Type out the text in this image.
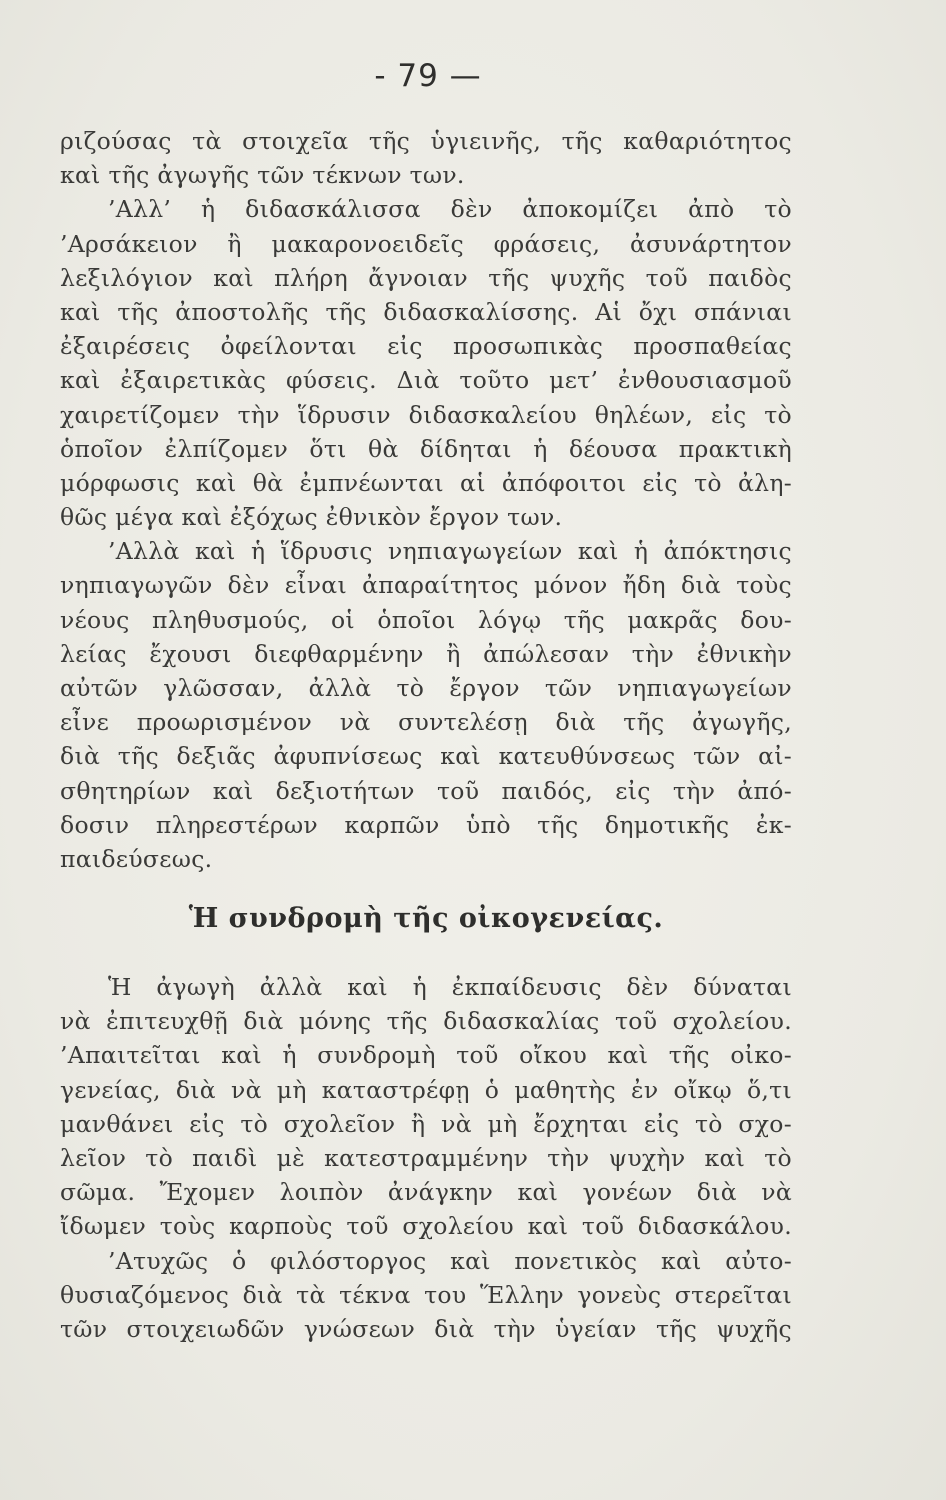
- 79 —
ριζούσας τὰ στοιχεῖα τῆς ὑγιεινῆς, τῆς καθαριότητος
καὶ τῆς ἀγωγῆς τῶν τέκνων των.
’Αλλ’ ἡ διδασκάλισσα δὲν ἀποκομίζει ἀπὸ τὸ
’Αρσάκειον ἢ μακαρονοειδεῖς φράσεις, ἀσυνάρτητον
λεξιλόγιον καὶ πλήρη ἄγνοιαν τῆς ψυχῆς τοῦ παιδὸς
καὶ τῆς ἀποστολῆς τῆς διδασκαλίσσης. Αἱ ὄχι σπάνιαι
ἐξαιρέσεις ὀφείλονται εἰς προσωπικὰς προσπαθείας
καὶ ἐξαιρετικὰς φύσεις. Διὰ τοῦτο μετ’ ἐνθουσιασμοῦ
χαιρετίζομεν τὴν ἵδρυσιν διδασκαλείου θηλέων, εἰς τὸ
ὁποῖον ἐλπίζομεν ὅτι θὰ δίδηται ἡ δέουσα πρακτικὴ
μόρφωσις καὶ θὰ ἐμπνέωνται αἱ ἀπόφοιτοι εἰς τὸ ἀλη-
θῶς μέγα καὶ ἐξόχως ἐθνικὸν ἔργον των.
’Αλλὰ καὶ ἡ ἵδρυσις νηπιαγωγείων καὶ ἡ ἀπόκτησις
νηπιαγωγῶν δὲν εἶναι ἀπαραίτητος μόνον ἤδη διὰ τοὺς
νέους πληθυσμούς, οἱ ὁποῖοι λόγῳ τῆς μακρᾶς δου-
λείας ἔχουσι διεφθαρμένην ἢ ἀπώλεσαν τὴν ἐθνικὴν
αὐτῶν γλῶσσαν, ἀλλὰ τὸ ἔργον τῶν νηπιαγωγείων
εἶνε προωρισμένον νὰ συντελέσῃ διὰ τῆς ἀγωγῆς,
διὰ τῆς δεξιᾶς ἀφυπνίσεως καὶ κατευθύνσεως τῶν αἰ-
σθητηρίων καὶ δεξιοτήτων τοῦ παιδός, εἰς τὴν ἀπό-
δοσιν πληρεστέρων καρπῶν ὑπὸ τῆς δημοτικῆς ἐκ-
παιδεύσεως.
Ἡ συνδρομὴ τῆς οἰκογενείας.
Ἡ ἀγωγὴ ἀλλὰ καὶ ἡ ἐκπαίδευσις δὲν δύναται
νὰ ἐπιτευχθῇ διὰ μόνης τῆς διδασκαλίας τοῦ σχολείου.
’Απαιτεῖται καὶ ἡ συνδρομὴ τοῦ οἴκου καὶ τῆς οἰκο-
γενείας, διὰ νὰ μὴ καταστρέφῃ ὁ μαθητὴς ἐν οἴκῳ ὅ,τι
μανθάνει εἰς τὸ σχολεῖον ἢ νὰ μὴ ἔρχηται εἰς τὸ σχο-
λεῖον τὸ παιδὶ μὲ κατεστραμμένην τὴν ψυχὴν καὶ τὸ
σῶμα. Ἔχομεν λοιπὸν ἀνάγκην καὶ γονέων διὰ νὰ
ἴδωμεν τοὺς καρποὺς τοῦ σχολείου καὶ τοῦ διδασκάλου.
’Ατυχῶς ὁ φιλόστοργος καὶ πονετικὸς καὶ αὐτο-
θυσιαζόμενος διὰ τὰ τέκνα του Ἕλλην γονεὺς στερεῖται
τῶν στοιχειωδῶν γνώσεων διὰ τὴν ὑγείαν τῆς ψυχῆς
